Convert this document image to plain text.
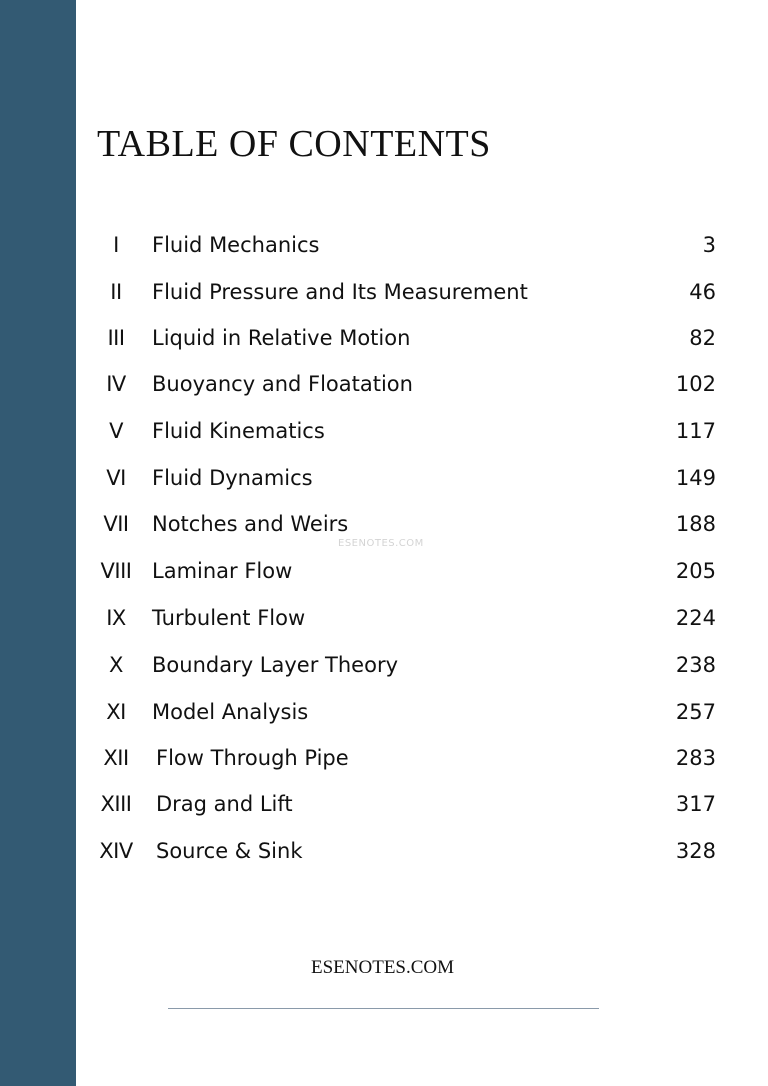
TABLE OF CONTENTS
I	Fluid Mechanics	3
II	Fluid Pressure and Its Measurement	46
III	Liquid in Relative Motion	82
IV	Buoyancy and Floatation	102
V	Fluid Kinematics	117
VI	Fluid Dynamics	149
VII	Notches and Weirs	188
VIII Laminar Flow	205
IX	Turbulent Flow	224
X	Boundary Layer Theory	238
XI	Model Analysis	257
XII	Flow Through Pipe	283
XIII	Drag and Lift	317
XIV Source & Sink	328
ESENOTES.COM
ESENOTES.COM
